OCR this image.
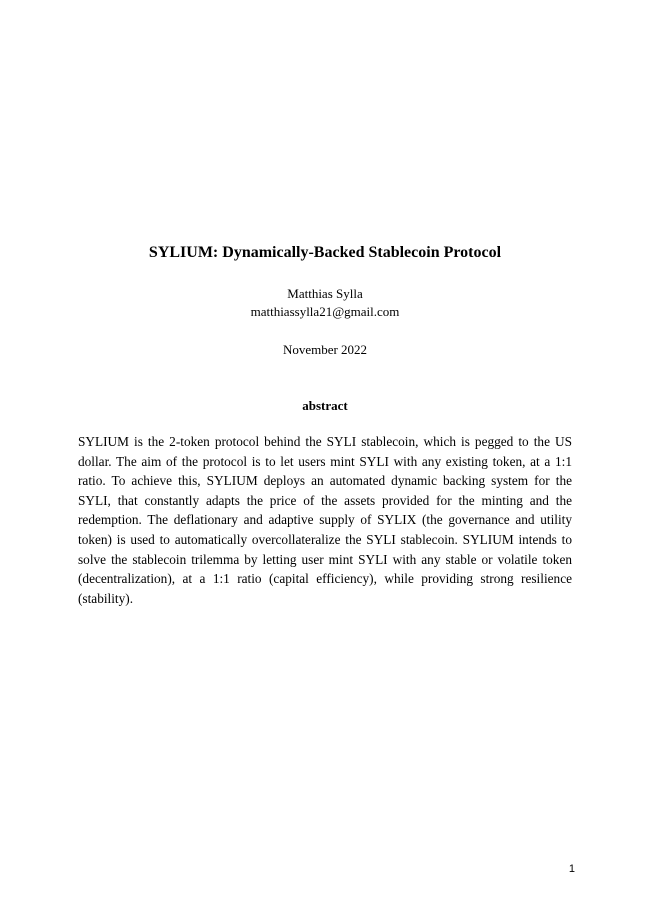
SYLIUM: Dynamically-Backed Stablecoin Protocol
Matthias Sylla
matthiassylla21@gmail.com
November 2022
abstract

SYLIUM is the 2-token protocol behind the SYLI stablecoin, which is pegged to the US dollar. The aim of the protocol is to let users mint SYLI with any existing token, at a 1:1 ratio. To achieve this, SYLIUM deploys an automated dynamic backing system for the SYLI, that constantly adapts the price of the assets provided for the minting and the redemption. The deflationary and adaptive supply of SYLIX (the governance and utility token) is used to automatically overcollateralize the SYLI stablecoin. SYLIUM intends to solve the stablecoin trilemma by letting user mint SYLI with any stable or volatile token (decentralization), at a 1:1 ratio (capital efficiency), while providing strong resilience (stability).

1
